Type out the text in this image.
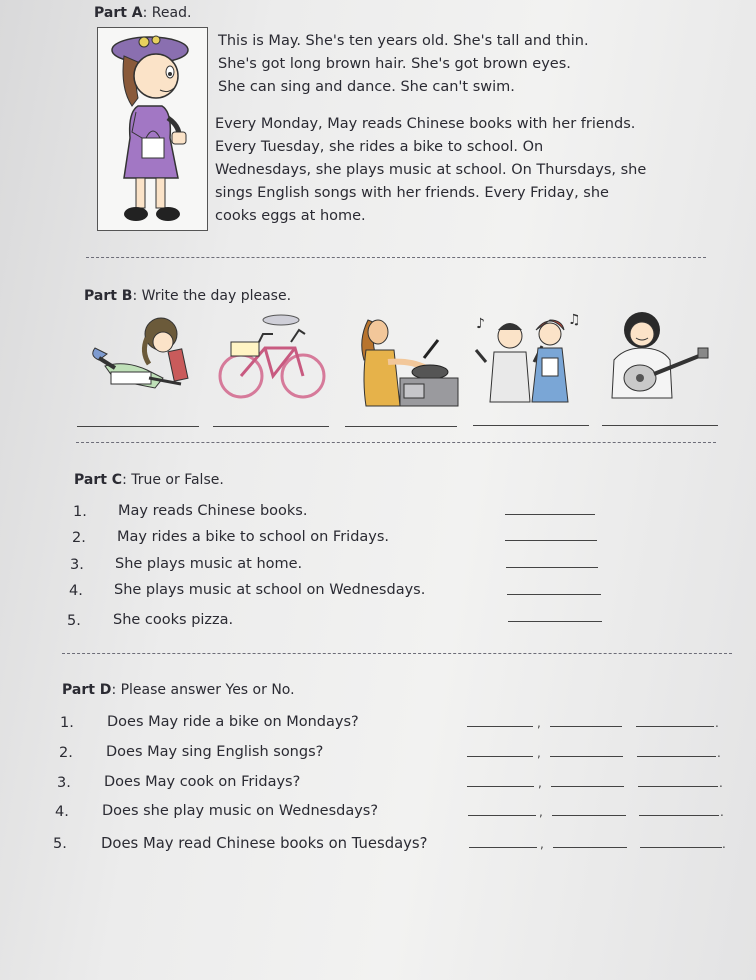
Part A: Read.
This is May. She's ten years old. She's tall and thin.
She's got long brown hair. She's got brown eyes.
She can sing and dance. She can't swim.
Every Monday, May reads Chinese books with her friends.
Every Tuesday, she rides a bike to school. On
Wednesdays, she plays music at school. On Thursdays, she
sings English songs with her friends. Every Friday, she
cooks eggs at home.
Part B: Write the day please.
♪	♫
Part C: True or False.
1. May reads Chinese books.
2. May rides a bike to school on Fridays.
3. She plays music at home.
4. She plays music at school on Wednesdays.
5. She cooks pizza.
Part D: Please answer Yes or No.
1. Does May ride a bike on Mondays?	,	.
2. Does May sing English songs?	,	.
3. Does May cook on Fridays?	,	.
4. Does she play music on Wednesdays?	,	.
5. Does May read Chinese books on Tuesdays?	,	.
